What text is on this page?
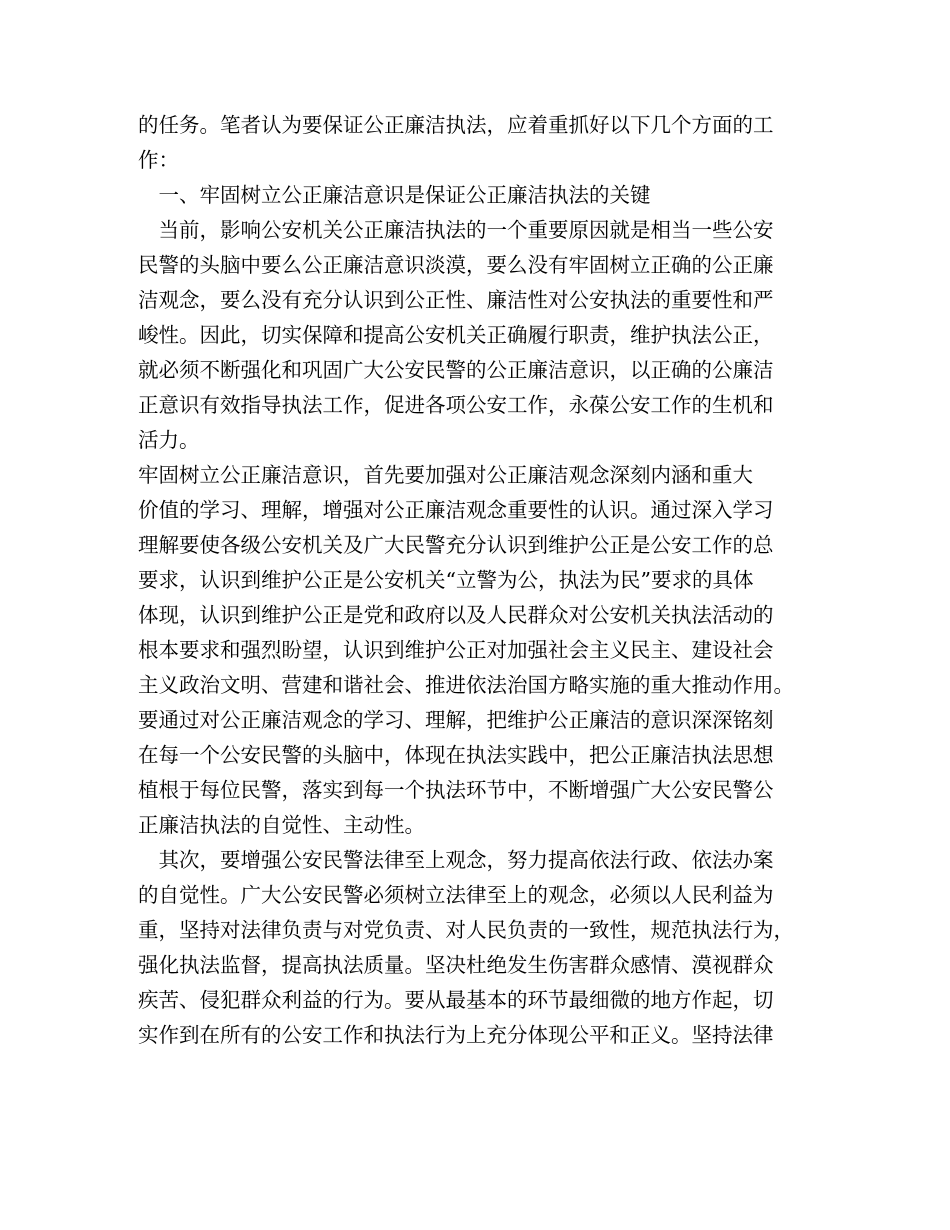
的任务。笔者认为要保证公正廉洁执法，应着重抓好以下几个方面的工
作：
　一、牢固树立公正廉洁意识是保证公正廉洁执法的关键
　当前，影响公安机关公正廉洁执法的一个重要原因就是相当一些公安
民警的头脑中要么公正廉洁意识淡漠，要么没有牢固树立正确的公正廉
洁观念，要么没有充分认识到公正性、廉洁性对公安执法的重要性和严
峻性。因此，切实保障和提高公安机关正确履行职责，维护执法公正，
就必须不断强化和巩固广大公安民警的公正廉洁意识，以正确的公廉洁
正意识有效指导执法工作，促进各项公安工作，永葆公安工作的生机和
活力。
牢固树立公正廉洁意识，首先要加强对公正廉洁观念深刻内涵和重大
价值的学习、理解，增强对公正廉洁观念重要性的认识。通过深入学习
理解要使各级公安机关及广大民警充分认识到维护公正是公安工作的总
要求，认识到维护公正是公安机关“立警为公，执法为民”要求的具体
体现，认识到维护公正是党和政府以及人民群众对公安机关执法活动的
根本要求和强烈盼望，认识到维护公正对加强社会主义民主、建设社会
主义政治文明、营建和谐社会、推进依法治国方略实施的重大推动作用。
要通过对公正廉洁观念的学习、理解，把维护公正廉洁的意识深深铭刻
在每一个公安民警的头脑中，体现在执法实践中，把公正廉洁执法思想
植根于每位民警，落实到每一个执法环节中，不断增强广大公安民警公
正廉洁执法的自觉性、主动性。
　其次，要增强公安民警法律至上观念，努力提高依法行政、依法办案
的自觉性。广大公安民警必须树立法律至上的观念，必须以人民利益为
重，坚持对法律负责与对党负责、对人民负责的一致性，规范执法行为，
强化执法监督，提高执法质量。坚决杜绝发生伤害群众感情、漠视群众
疾苦、侵犯群众利益的行为。要从最基本的环节最细微的地方作起，切
实作到在所有的公安工作和执法行为上充分体现公平和正义。坚持法律
